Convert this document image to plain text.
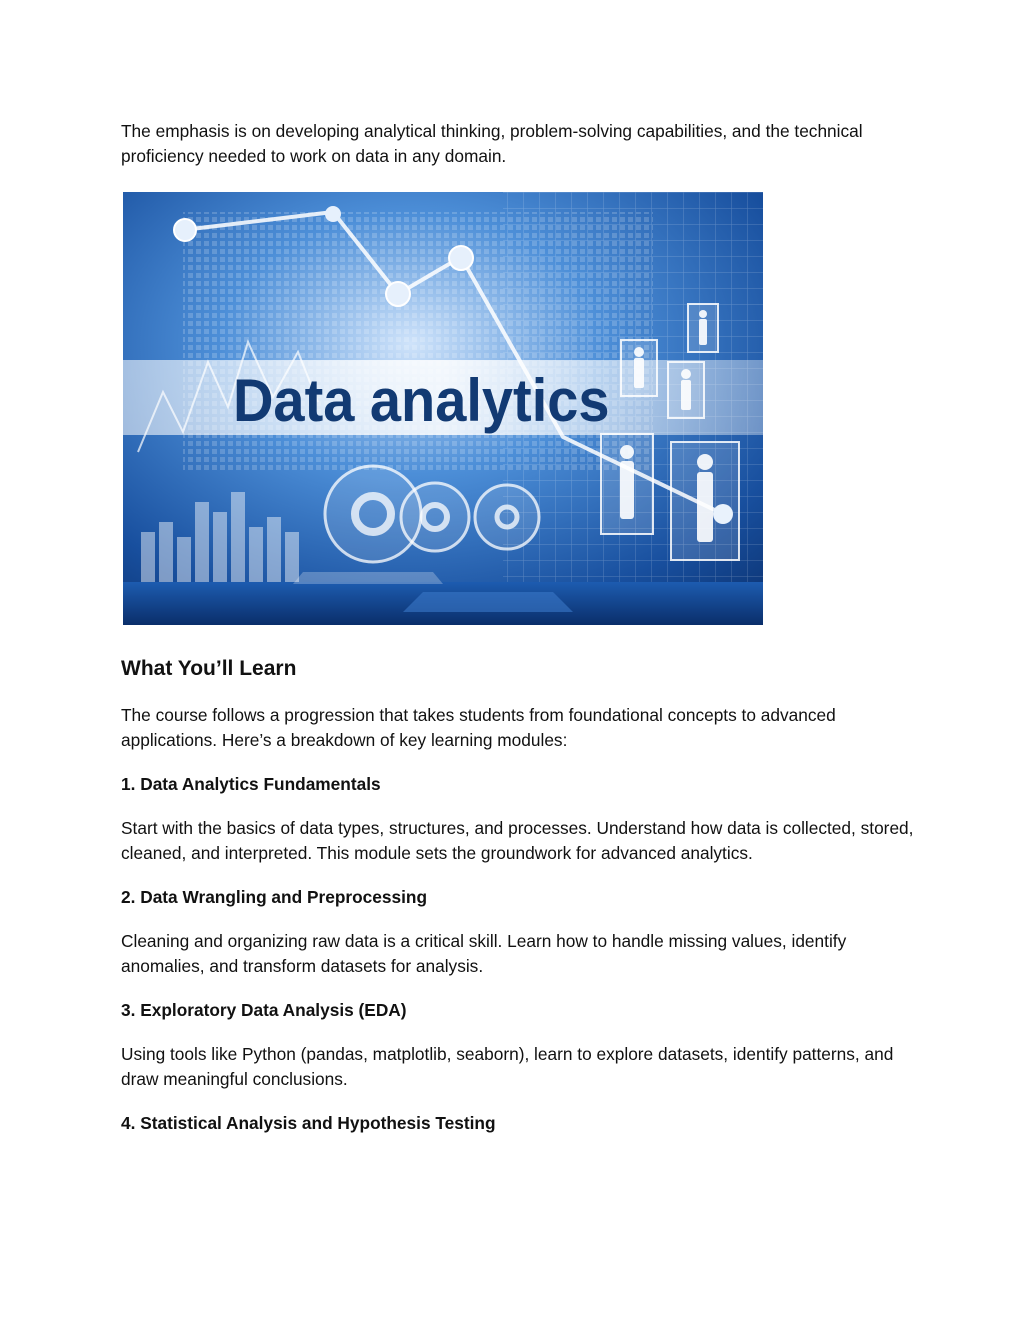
The emphasis is on developing analytical thinking, problem-solving capabilities, and the technical proficiency needed to work on data in any domain.

Data analytics
What You’ll Learn

The course follows a progression that takes students from foundational concepts to advanced applications. Here’s a breakdown of key learning modules:

1. Data Analytics Fundamentals

Start with the basics of data types, structures, and processes. Understand how data is collected, stored, cleaned, and interpreted. This module sets the groundwork for advanced analytics.

2. Data Wrangling and Preprocessing

Cleaning and organizing raw data is a critical skill. Learn how to handle missing values, identify anomalies, and transform datasets for analysis.

3. Exploratory Data Analysis (EDA)

Using tools like Python (pandas, matplotlib, seaborn), learn to explore datasets, identify patterns, and draw meaningful conclusions.

4. Statistical Analysis and Hypothesis Testing
